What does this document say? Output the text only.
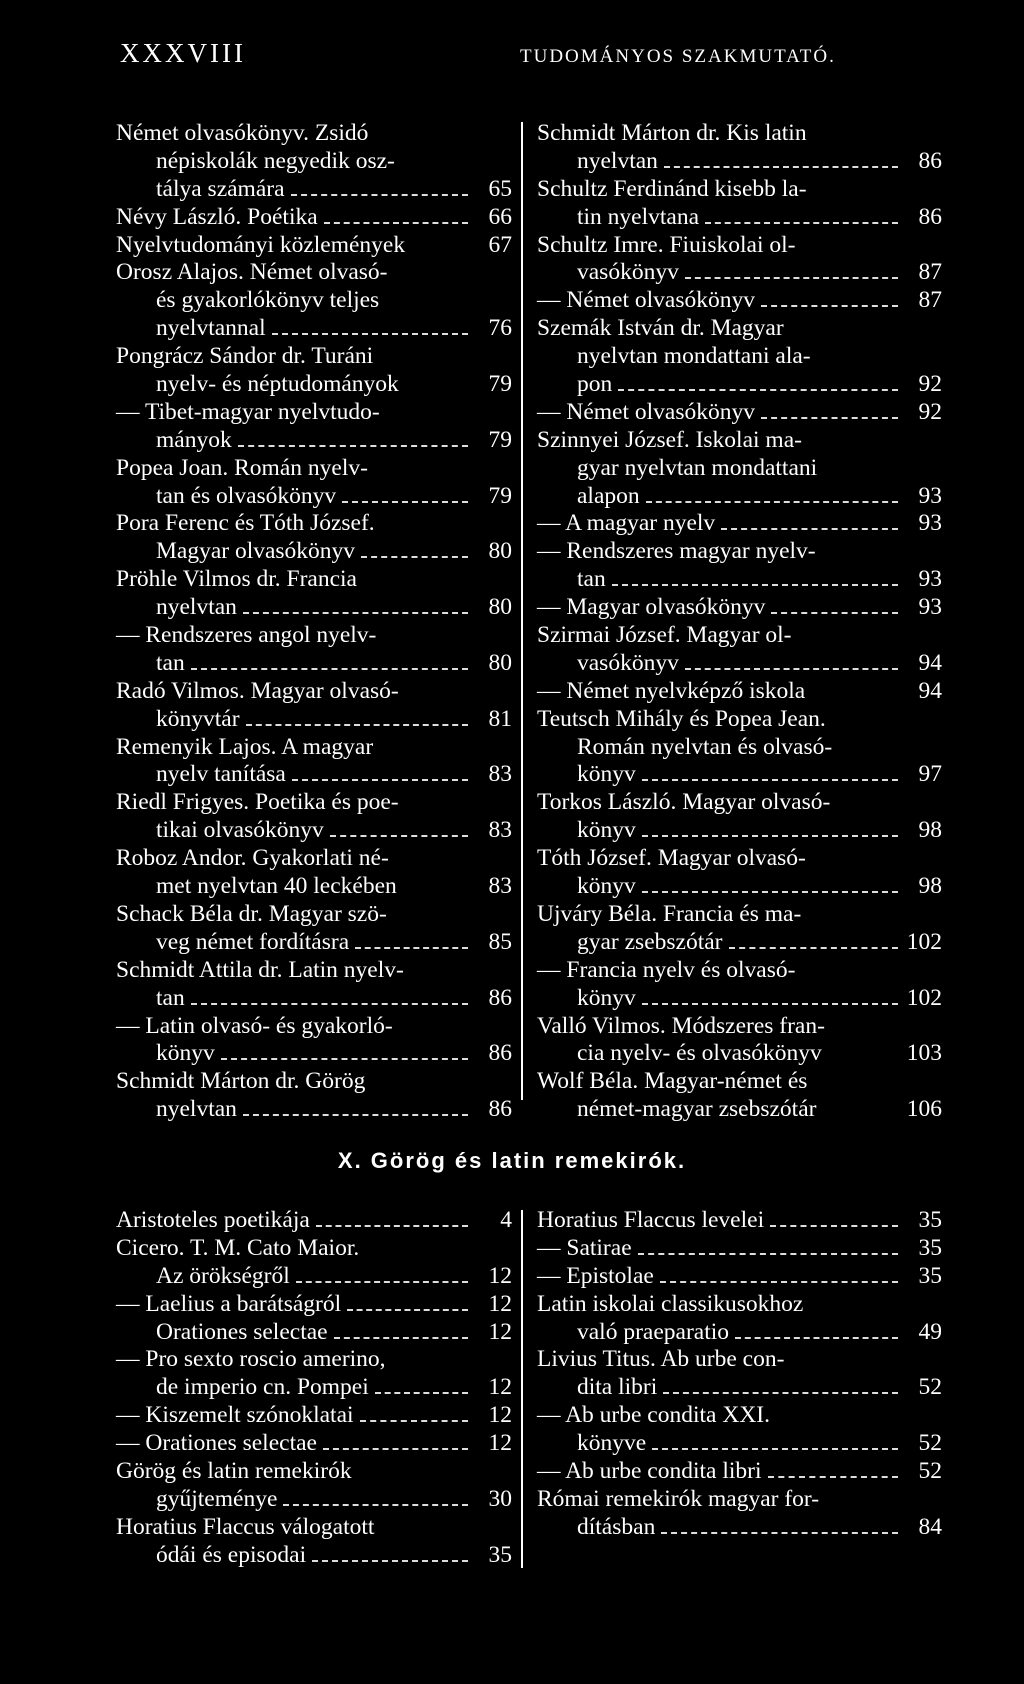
XXXVIII	TUDOMÁNYOS SZAKMUTATÓ.
Német olvasókönyv. Zsidó
népiskolák negyedik osz-
tálya számára	65
Névy László. Poétika	66
Nyelvtudományi közlemények	67
Orosz Alajos. Német olvasó-
és gyakorlókönyv teljes
nyelvtannal	76
Pongrácz Sándor dr. Turáni
nyelv- és néptudományok	79
— Tibet-magyar nyelvtudo-
mányok	79
Popea Joan. Román nyelv-
tan és olvasókönyv	79
Pora Ferenc és Tóth József.
Magyar olvasókönyv	80
Pröhle Vilmos dr. Francia
nyelvtan	80
— Rendszeres angol nyelv-
tan	80
Radó Vilmos. Magyar olvasó-
könyvtár	81
Remenyik Lajos. A magyar
nyelv tanítása	83
Riedl Frigyes. Poetika és poe-
tikai olvasókönyv	83
Roboz Andor. Gyakorlati né-
met nyelvtan 40 leckében	83
Schack Béla dr. Magyar szö-
veg német fordításra	85
Schmidt Attila dr. Latin nyelv-
tan	86
— Latin olvasó- és gyakorló-
könyv	86
Schmidt Márton dr. Görög
nyelvtan	86
Schmidt Márton dr. Kis latin
nyelvtan	86
Schultz Ferdinánd kisebb la-
tin nyelvtana	86
Schultz Imre. Fiuiskolai ol-
vasókönyv	87
— Német olvasókönyv	87
Szemák István dr. Magyar
nyelvtan mondattani ala-
pon	92
— Német olvasókönyv	92
Szinnyei József. Iskolai ma-
gyar nyelvtan mondattani
alapon	93
— A magyar nyelv	93
— Rendszeres magyar nyelv-
tan	93
— Magyar olvasókönyv	93
Szirmai József. Magyar ol-
vasókönyv	94
— Német nyelvképző iskola	94
Teutsch Mihály és Popea Jean.
Román nyelvtan és olvasó-
könyv	97
Torkos László. Magyar olvasó-
könyv	98
Tóth József. Magyar olvasó-
könyv	98
Ujváry Béla. Francia és ma-
gyar zsebszótár	102
— Francia nyelv és olvasó-
könyv	102
Valló Vilmos. Módszeres fran-
cia nyelv- és olvasókönyv	103
Wolf Béla. Magyar-német és
német-magyar zsebszótár	106
X. Görög és latin remekirók.
Aristoteles poetikája	4
Cicero. T. M. Cato Maior.
Az örökségről	12
— Laelius a barátságról	12
Orationes selectae	12
— Pro sexto roscio amerino,
de imperio cn. Pompei	12
— Kiszemelt szónoklatai	12
— Orationes selectae	12
Görög és latin remekirók
gyűjteménye	30
Horatius Flaccus válogatott
ódái és episodai	35
Horatius Flaccus levelei	35
— Satirae	35
— Epistolae	35
Latin iskolai classikusokhoz
való praeparatio	49
Livius Titus. Ab urbe con-
dita libri	52
— Ab urbe condita XXI.
könyve	52
— Ab urbe condita libri	52
Római remekirók magyar for-
dításban	84
